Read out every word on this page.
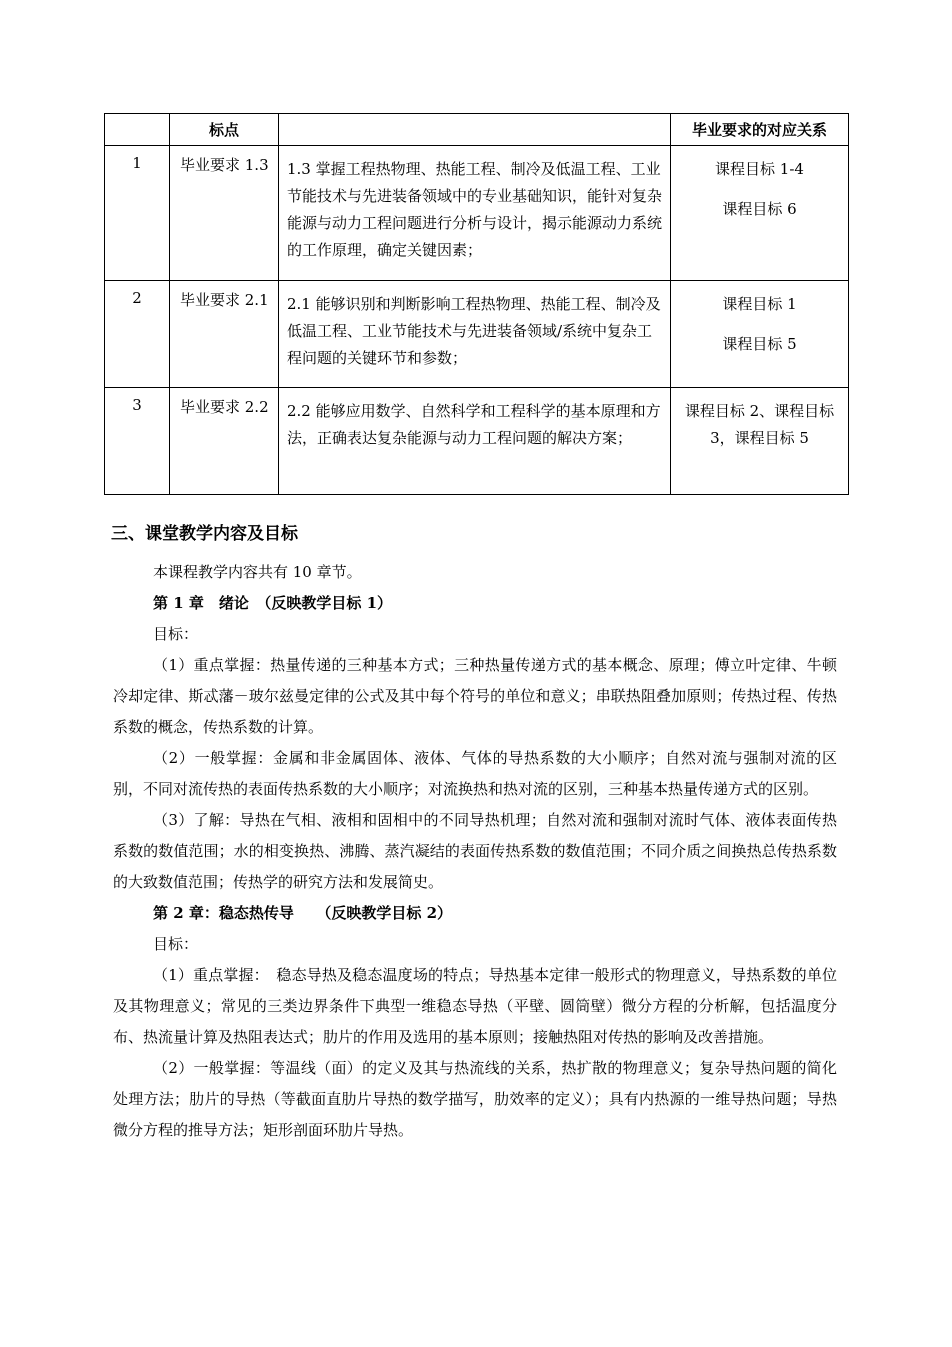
	标点		毕业要求的对应关系

1	毕业要求 1.3	1.3 掌握工程热物理、热能工程、制冷及低温工程、工业节能技术与先进装备领域中的专业基础知识，能针对复杂能源与动力工程问题进行分析与设计，揭示能源动力系统的工作原理，确定关键因素；	课程目标 1-4
课程目标 6

2	毕业要求 2.1	2.1 能够识别和判断影响工程热物理、热能工程、制冷及低温工程、工业节能技术与先进装备领域/系统中复杂工程问题的关键环节和参数；	课程目标 1
课程目标 5

3	毕业要求 2.2	2.2 能够应用数学、自然科学和工程科学的基本原理和方法，正确表达复杂能源与动力工程问题的解决方案；	课程目标 2、课程目标 3，课程目标 5
三、课堂教学内容及目标

本课程教学内容共有 10 章节。

第 1 章　绪论　（反映教学目标 1）

目标：

（1）重点掌握：热量传递的三种基本方式；三种热量传递方式的基本概念、原理；傅立叶定律、牛顿冷却定律、斯忒藩－玻尔兹曼定律的公式及其中每个符号的单位和意义；串联热阻叠加原则；传热过程、传热系数的概念，传热系数的计算。

（2）一般掌握：金属和非金属固体、液体、气体的导热系数的大小顺序；自然对流与强制对流的区别，不同对流传热的表面传热系数的大小顺序；对流换热和热对流的区别，三种基本热量传递方式的区别。

（3）了解：导热在气相、液相和固相中的不同导热机理；自然对流和强制对流时气体、液体表面传热系数的数值范围；水的相变换热、沸腾、蒸汽凝结的表面传热系数的数值范围；不同介质之间换热总传热系数的大致数值范围；传热学的研究方法和发展简史。

第 2 章：稳态热传导　　（反映教学目标 2）

目标：

（1）重点掌握：　稳态导热及稳态温度场的特点；导热基本定律一般形式的物理意义，导热系数的单位及其物理意义；常见的三类边界条件下典型一维稳态导热（平壁、圆筒壁）微分方程的分析解，包括温度分布、热流量计算及热阻表达式；肋片的作用及选用的基本原则；接触热阻对传热的影响及改善措施。

（2）一般掌握：等温线（面）的定义及其与热流线的关系，热扩散的物理意义；复杂导热问题的简化处理方法；肋片的导热（等截面直肋片导热的数学描写，肋效率的定义）；具有内热源的一维导热问题；导热微分方程的推导方法；矩形剖面环肋片导热。
